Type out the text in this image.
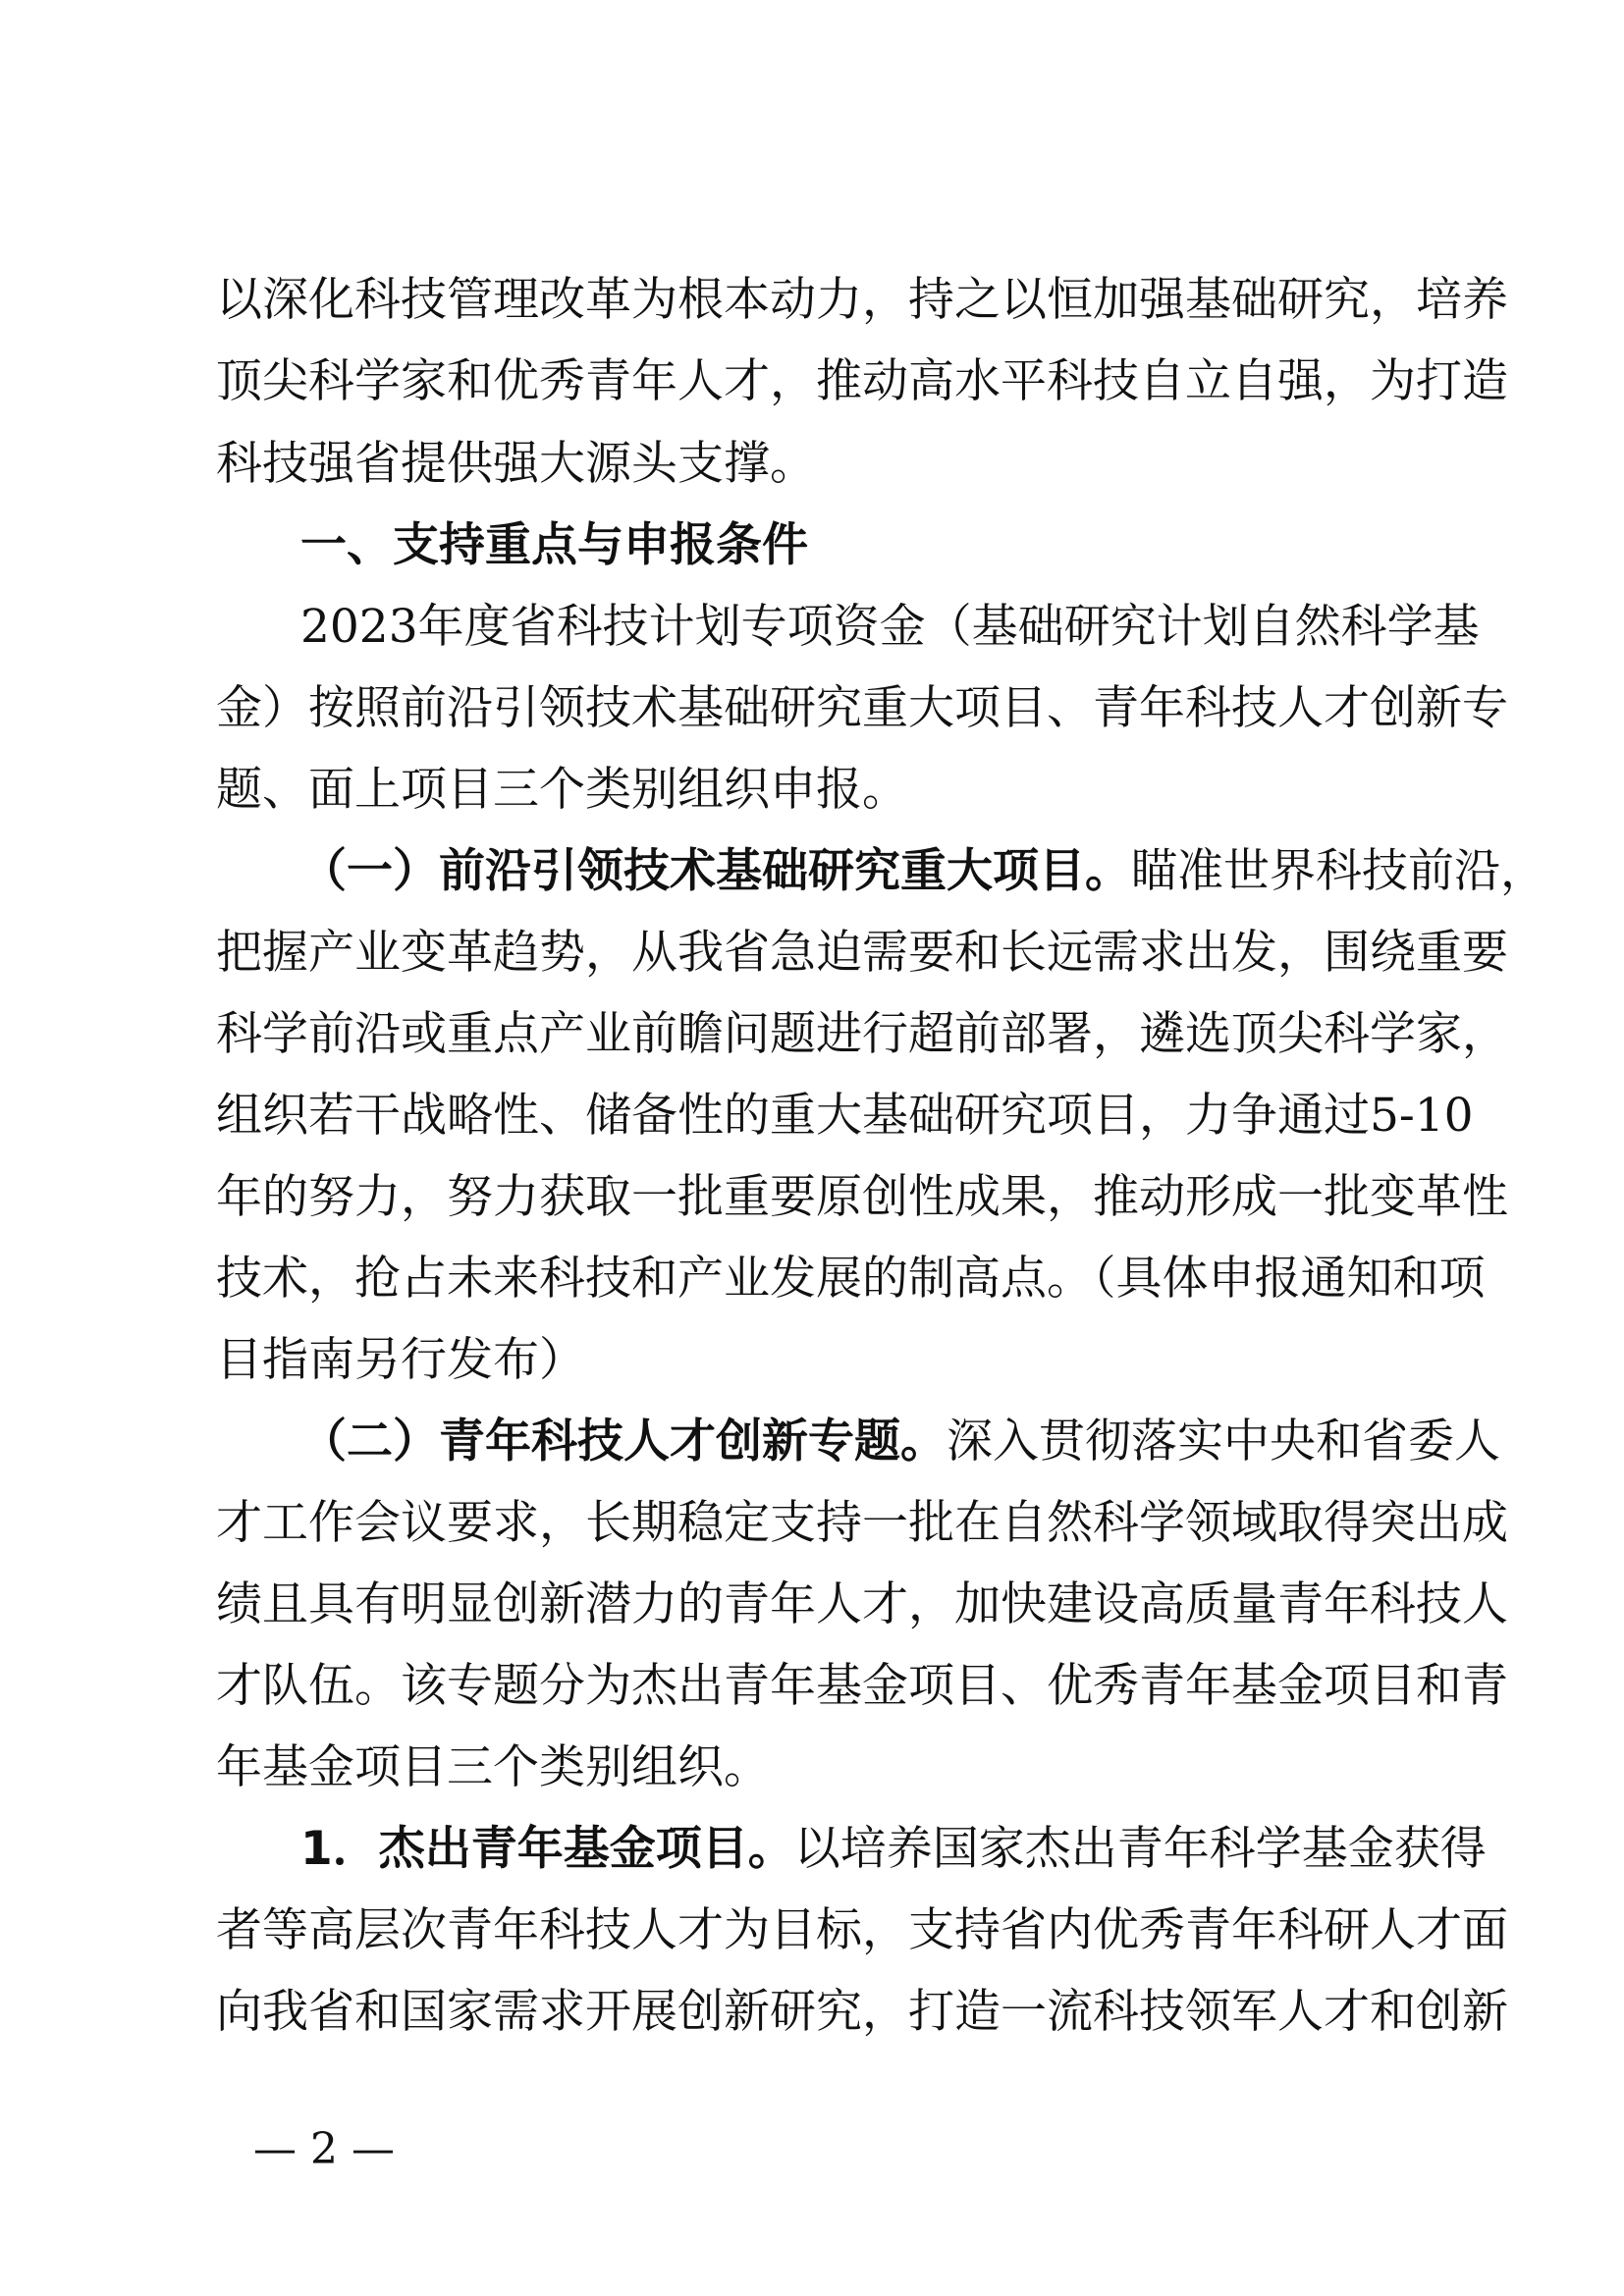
以深化科技管理改革为根本动力，持之以恒加强基础研究，培养
顶尖科学家和优秀青年人才，推动高水平科技自立自强，为打造
科技强省提供强大源头支撑。
一、支持重点与申报条件
2023年度省科技计划专项资金（基础研究计划自然科学基
金）按照前沿引领技术基础研究重大项目、青年科技人才创新专
题、面上项目三个类别组织申报。
（一）前沿引领技术基础研究重大项目。瞄准世界科技前沿，
把握产业变革趋势，从我省急迫需要和长远需求出发，围绕重要
科学前沿或重点产业前瞻问题进行超前部署，遴选顶尖科学家，
组织若干战略性、储备性的重大基础研究项目，力争通过5-10
年的努力，努力获取一批重要原创性成果，推动形成一批变革性
技术，抢占未来科技和产业发展的制高点。（具体申报通知和项
目指南另行发布）
（二）青年科技人才创新专题。深入贯彻落实中央和省委人
才工作会议要求，长期稳定支持一批在自然科学领域取得突出成
绩且具有明显创新潜力的青年人才，加快建设高质量青年科技人
才队伍。该专题分为杰出青年基金项目、优秀青年基金项目和青
年基金项目三个类别组织。
1．杰出青年基金项目。以培养国家杰出青年科学基金获得
者等高层次青年科技人才为目标，支持省内优秀青年科研人才面
向我省和国家需求开展创新研究，打造一流科技领军人才和创新
— 2 —
